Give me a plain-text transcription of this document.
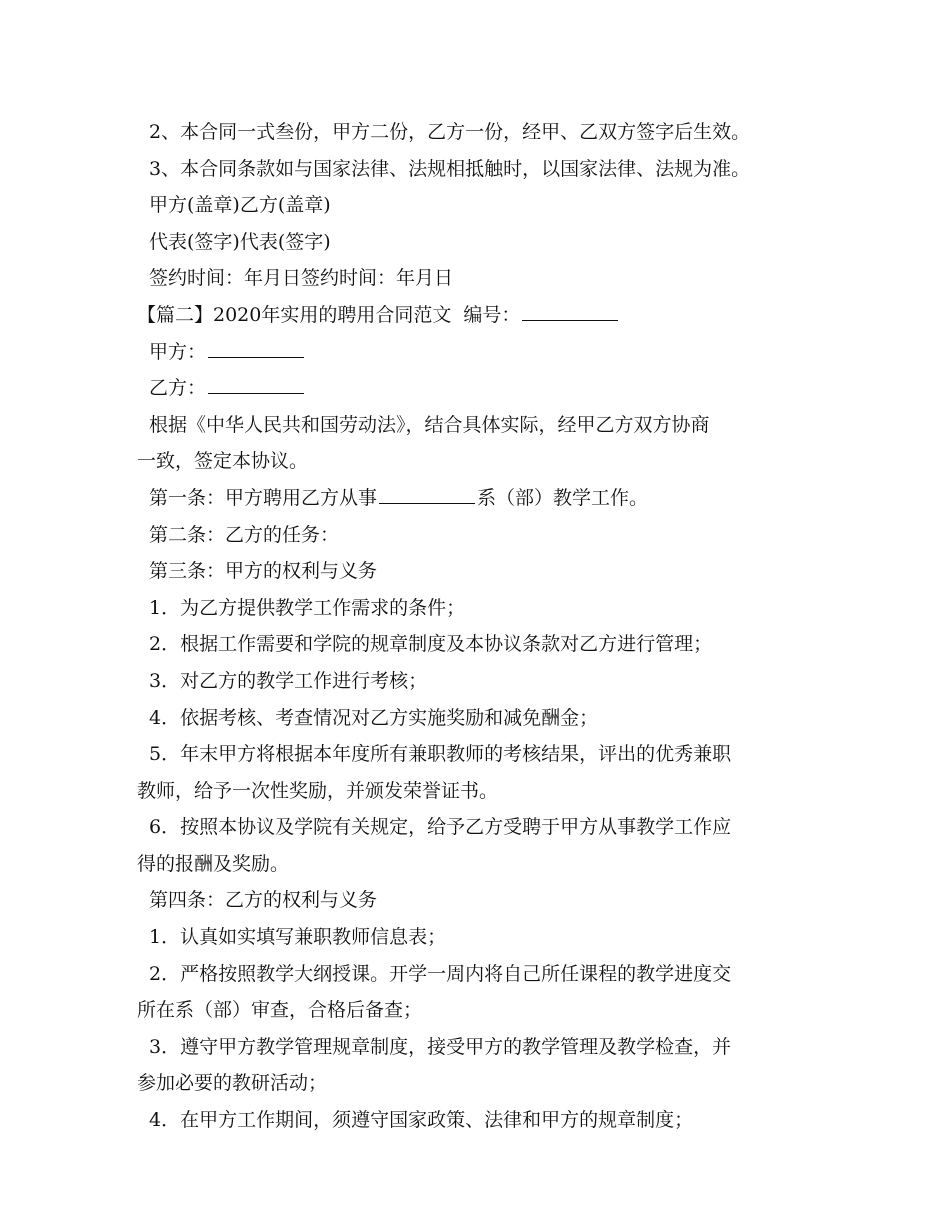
2、本合同一式叁份，甲方二份，乙方一份，经甲、乙双方签字后生效。

3、本合同条款如与国家法律、法规相抵触时，以国家法律、法规为准。

甲方(盖章)乙方(盖章)

代表(签字)代表(签字)

签约时间：年月日签约时间：年月日

【篇二】2020年实用的聘用合同范文 编号：

甲方：

乙方：

根据《中华人民共和国劳动法》，结合具体实际，经甲乙方双方协商

一致，签定本协议。

第一条：甲方聘用乙方从事	系（部）教学工作。

第二条：乙方的任务：

第三条：甲方的权利与义务

1．为乙方提供教学工作需求的条件；

2．根据工作需要和学院的规章制度及本协议条款对乙方进行管理；

3．对乙方的教学工作进行考核；

4．依据考核、考查情况对乙方实施奖励和减免酬金；

5．年末甲方将根据本年度所有兼职教师的考核结果，评出的优秀兼职

教师，给予一次性奖励，并颁发荣誉证书。

6．按照本协议及学院有关规定，给予乙方受聘于甲方从事教学工作应

得的报酬及奖励。

第四条：乙方的权利与义务

1．认真如实填写兼职教师信息表；

2．严格按照教学大纲授课。开学一周内将自己所任课程的教学进度交

所在系（部）审查，合格后备查；

3．遵守甲方教学管理规章制度，接受甲方的教学管理及教学检查，并

参加必要的教研活动；

4．在甲方工作期间，须遵守国家政策、法律和甲方的规章制度；
